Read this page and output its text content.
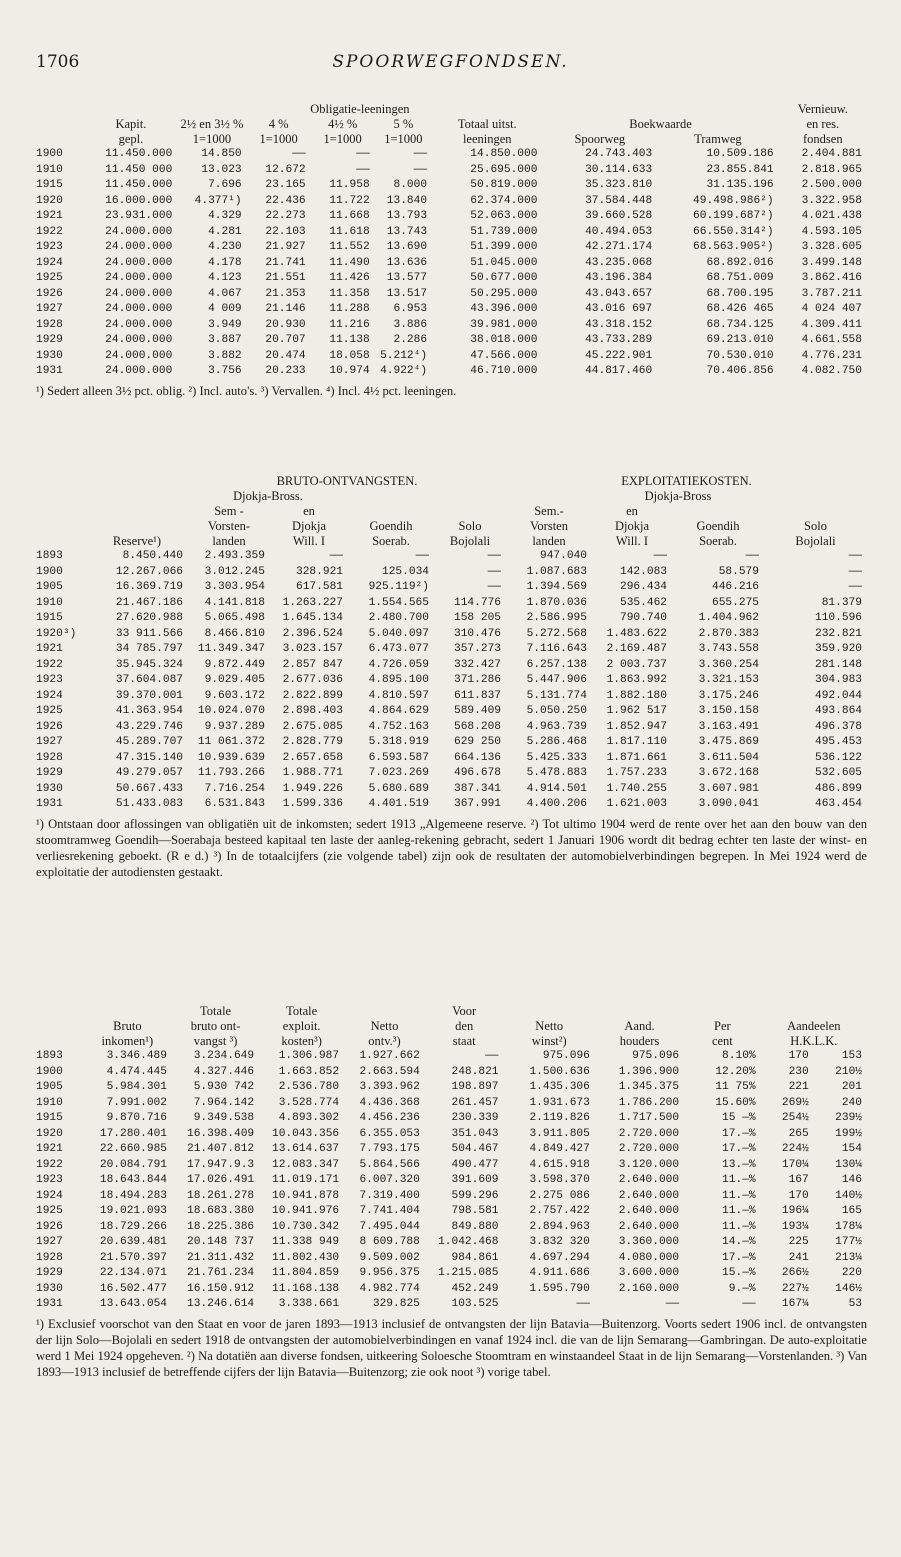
1706	SPOORWEGFONDSEN.
		Obligatie-leeningen							Vernieuw.
	Kapit.	2½ en 3½ %	4 %	4½ %	5 %	Totaal uitst.	Boekwaarde		en res.
	gepl.	1=1000	1=1000	1=1000	1=1000	leeningen	Spoorweg	Tramweg	fondsen
1900	11.450.000	14.850	——	——	——	14.850.000	24.743.403	10.509.186	2.404.881
1910	11.450 000	13.023	12.672	——	——	25.695.000	30.114.633	23.855.841	2.818.965
1915	11.450.000	7.696	23.165	11.958	8.000	50.819.000	35.323.810	31.135.196	2.500.000
1920	16.000.000	4.377¹)	22.436	11.722	13.840	62.374.000	37.584.448	49.498.986²)	3.322.958
1921	23.931.000	4.329	22.273	11.668	13.793	52.063.000	39.660.528	60.199.687²)	4.021.438
1922	24.000.000	4.281	22.103	11.618	13.743	51.739.000	40.494.053	66.550.314²)	4.593.105
1923	24.000.000	4.230	21.927	11.552	13.690	51.399.000	42.271.174	68.563.905²)	3.328.605
1924	24.000.000	4.178	21.741	11.490	13.636	51.045.000	43.235.068	68.892.016	3.499.148
1925	24.000.000	4.123	21.551	11.426	13.577	50.677.000	43.196.384	68.751.009	3.862.416
1926	24.000.000	4.067	21.353	11.358	13.517	50.295.000	43.043.657	68.700.195	3.787.211
1927	24.000.000	4 009	21.146	11.288	6.953	43.396.000	43.016 697	68.426 465	4 024 407
1928	24.000.000	3.949	20.930	11.216	3.886	39.981.000	43.318.152	68.734.125	4.309.411
1929	24.000.000	3.887	20.707	11.138	2.286	38.018.000	43.733.289	69.213.010	4.661.558
1930	24.000.000	3.882	20.474	18.058	5.212⁴)	47.566.000	45.222.901	70.530.010	4.776.231
1931	24.000.000	3.756	20.233	10.974	4.922⁴)	46.710.000	44.817.460	70.406.856	4.082.750
¹) Sedert alleen 3½ pct. oblig. ²) Incl. auto's. ³) Vervallen. ⁴) Incl. 4½ pct. leeningen.
		BRUTO-ONTVANGSTEN.				EXPLOITATIEKOSTEN.			
		Djokja-Bross.					Djokja-Bross		
		Sem -	en			Sem.-	en		
		Vorsten-	Djokja	Goendih	Solo	Vorsten	Djokja	Goendih	Solo
	Reserve¹)	landen	Will. I	Soerab.	Bojolali	landen	Will. I	Soerab.	Bojolali
1893	8.450.440	2.493.359	——	——	——	947.040	——	——	——
1900	12.267.066	3.012.245	328.921	125.034	——	1.087.683	142.083	58.579	——
1905	16.369.719	3.303.954	617.581	925.119²)	——	1.394.569	296.434	446.216	——
1910	21.467.186	4.141.818	1.263.227	1.554.565	114.776	1.870.036	535.462	655.275	81.379
1915	27.620.988	5.065.498	1.645.134	2.480.700	158 205	2.586.995	790.740	1.404.962	110.596
1920³)	33 911.566	8.466.810	2.396.524	5.040.097	310.476	5.272.568	1.483.622	2.870.383	232.821
1921	34 785.797	11.349.347	3.023.157	6.473.077	357.273	7.116.643	2.169.487	3.743.558	359.920
1922	35.945.324	9.872.449	2.857 847	4.726.059	332.427	6.257.138	2 003.737	3.360.254	281.148
1923	37.604.087	9.029.405	2.677.036	4.895.100	371.286	5.447.906	1.863.992	3.321.153	304.983
1924	39.370.001	9.603.172	2.822.899	4.810.597	611.837	5.131.774	1.882.180	3.175.246	492.044
1925	41.363.954	10.024.070	2.898.403	4.864.629	589.409	5.050.250	1.962 517	3.150.158	493.864
1926	43.229.746	9.937.289	2.675.085	4.752.163	568.208	4.963.739	1.852.947	3.163.491	496.378
1927	45.289.707	11 061.372	2.828.779	5.318.919	629 250	5.286.468	1.817.110	3.475.869	495.453
1928	47.315.140	10.939.639	2.657.658	6.593.587	664.136	5.425.333	1.871.661	3.611.504	536.122
1929	49.279.057	11.793.266	1.988.771	7.023.269	496.678	5.478.883	1.757.233	3.672.168	532.605
1930	50.667.433	7.716.254	1.949.226	5.680.689	387.341	4.914.501	1.740.255	3.607.981	486.899
1931	51.433.083	6.531.843	1.599.336	4.401.519	367.991	4.400.206	1.621.003	3.090.041	463.454
¹) Ontstaan door aflossingen van obligatiën uit de inkomsten; sedert 1913 „Algemeene reserve. ²) Tot ultimo 1904 werd de rente over het aan den bouw van den stoomtramweg Goendih—Soerabaja besteed kapitaal ten laste der aanleg-rekening gebracht, sedert 1 Januari 1906 wordt dit bedrag echter ten laste der winst- en verliesrekening geboekt. (R e d.) ³) In de totaalcijfers (zie volgende tabel) zijn ook de resultaten der automobielverbindingen begrepen. In Mei 1924 werd de exploitatie der autodiensten gestaakt.
		Totale	Totale		Voor					
	Bruto	bruto ont-	exploit.	Netto	den	Netto	Aand.	Per	Aandeelen	
	inkomen¹)	vangst ³)	kosten³)	ontv.³)	staat	winst²)	houders	cent	H.K.L.K.	
1893	3.346.489	3.234.649	1.306.987	1.927.662	——	975.096	975.096	8.10%	170	153
1900	4.474.445	4.327.446	1.663.852	2.663.594	248.821	1.500.636	1.396.900	12.20%	230	210½
1905	5.984.301	5.930 742	2.536.780	3.393.962	198.897	1.435.306	1.345.375	11 75%	221	201
1910	7.991.002	7.964.142	3.528.774	4.436.368	261.457	1.931.673	1.786.200	15.60%	269½	240
1915	9.870.716	9.349.538	4.893.302	4.456.236	230.339	2.119.826	1.717.500	15 —%	254½	239½
1920	17.280.401	16.398.409	10.043.356	6.355.053	351.043	3.911.805	2.720.000	17.—%	265	199½
1921	22.660.985	21.407.812	13.614.637	7.793.175	504.467	4.849.427	2.720.000	17.—%	224½	154
1922	20.084.791	17.947.9.3	12.083.347	5.864.566	490.477	4.615.918	3.120.000	13.—%	170¼	130¼
1923	18.643.844	17.026.491	11.019.171	6.007.320	391.609	3.598.370	2.640.000	11.—%	167	146
1924	18.494.283	18.261.278	10.941.878	7.319.400	599.296	2.275 086	2.640.000	11.—%	170	140½
1925	19.021.093	18.683.380	10.941.976	7.741.404	798.581	2.757.422	2.640.000	11.—%	196¼	165
1926	18.729.266	18.225.386	10.730.342	7.495.044	849.880	2.894.963	2.640.000	11.—%	193¼	178¼
1927	20.639.481	20.148 737	11.338 949	8 609.788	1.042.468	3.832 320	3.360.000	14.—%	225	177½
1928	21.570.397	21.311.432	11.802.430	9.509.002	984.861	4.697.294	4.080.000	17.—%	241	213¼
1929	22.134.071	21.761.234	11.804.859	9.956.375	1.215.085	4.911.686	3.600.000	15.—%	266½	220
1930	16.502.477	16.150.912	11.168.138	4.982.774	452.249	1.595.790	2.160.000	9.—%	227½	146½
1931	13.643.054	13.246.614	3.338.661	329.825	103.525	——	——	——	167¼	53
¹) Exclusief voorschot van den Staat en voor de jaren 1893—1913 inclusief de ontvangsten der lijn Batavia—Buitenzorg. Voorts sedert 1906 incl. de ontvangsten der lijn Solo—Bojolali en sedert 1918 de ontvangsten der automobielverbindingen en vanaf 1924 incl. die van de lijn Semarang—Gambringan. De auto-exploitatie werd 1 Mei 1924 opgeheven. ²) Na dotatiën aan diverse fondsen, uitkeering Soloesche Stoomtram en winstaandeel Staat in de lijn Semarang—Vorstenlanden. ³) Van 1893—1913 inclusief de betreffende cijfers der lijn Batavia—Buitenzorg; zie ook noot ³) vorige tabel.
